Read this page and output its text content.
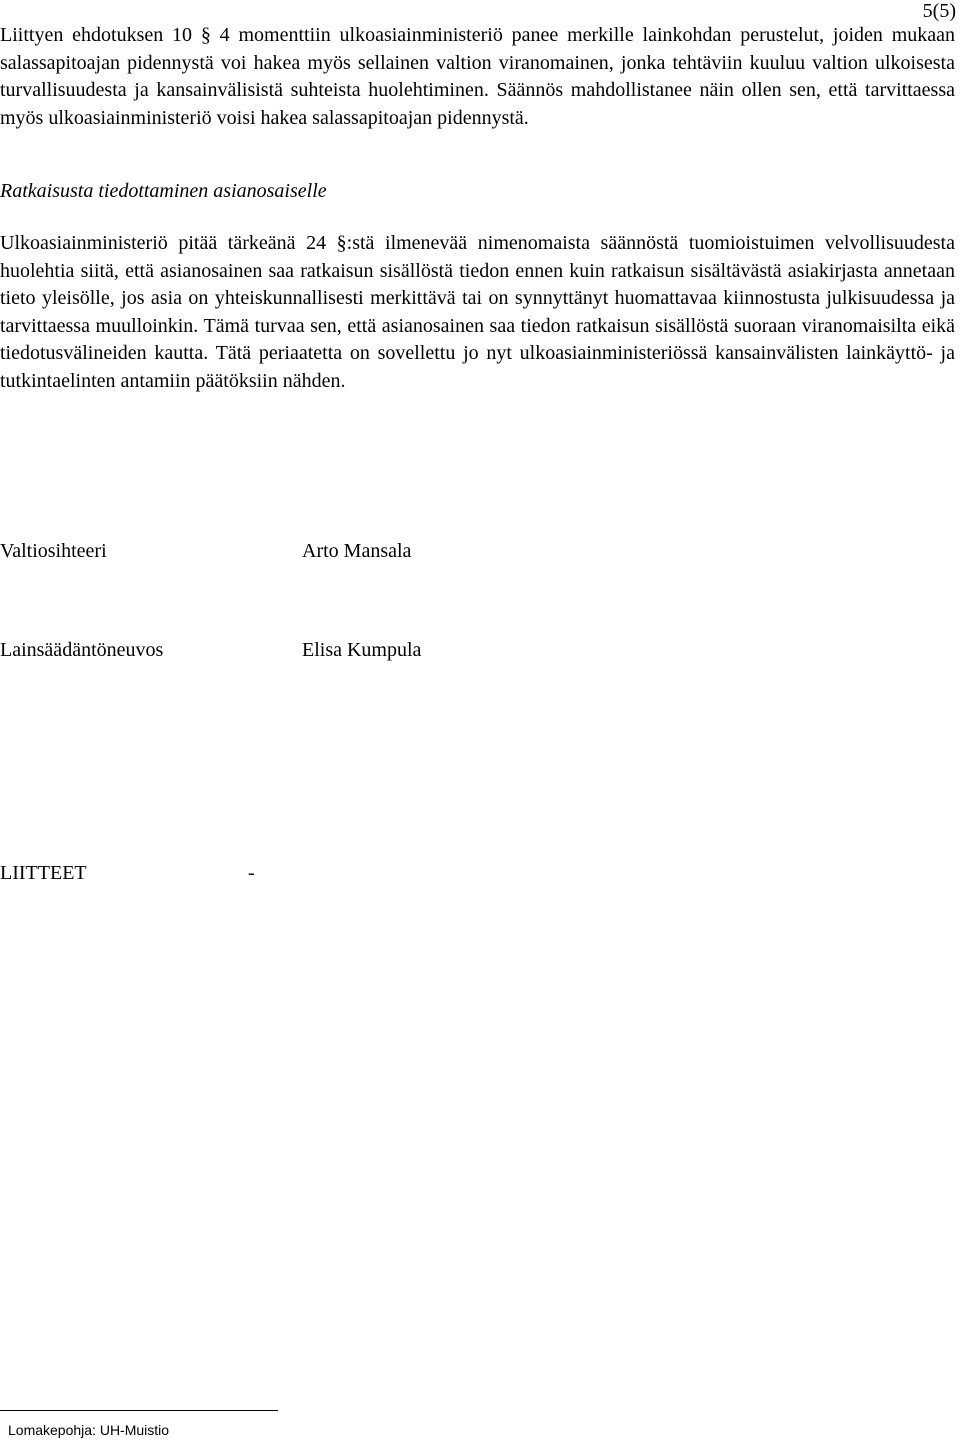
5(5)

Liittyen ehdotuksen 10 § 4 momenttiin ulkoasiainministeriö panee merkille lainkohdan perustelut, joiden mukaan salassapitoajan pidennystä voi hakea myös sellainen valtion viranomainen, jonka tehtäviin kuuluu valtion ulkoisesta turvallisuudesta ja kansainvälisistä suhteista huolehtiminen. Säännös mahdollistanee näin ollen sen, että tarvittaessa myös ulkoasiainministeriö voisi hakea salassapitoajan pidennystä.

Ratkaisusta tiedottaminen asianosaiselle

Ulkoasiainministeriö pitää tärkeänä 24 §:stä ilmenevää nimenomaista säännöstä tuomioistuimen velvollisuudesta huolehtia siitä, että asianosainen saa ratkaisun sisällöstä tiedon ennen kuin ratkaisun sisältävästä asiakirjasta annetaan tieto yleisölle, jos asia on yhteiskunnallisesti merkittävä tai on synnyttänyt huomattavaa kiinnostusta julkisuudessa ja tarvittaessa muulloinkin. Tämä turvaa sen, että asianosainen saa tiedon ratkaisun sisällöstä suoraan viranomaisilta eikä tiedotusvälineiden kautta. Tätä periaatetta on sovellettu jo nyt ulkoasiainministeriössä kansainvälisten lainkäyttö- ja tutkintaelinten antamiin päätöksiin nähden.

Valtiosihteeri	Arto Mansala
Lainsäädäntöneuvos	Elisa Kumpula
LIITTEET	-
Lomakepohja: UH-Muistio
